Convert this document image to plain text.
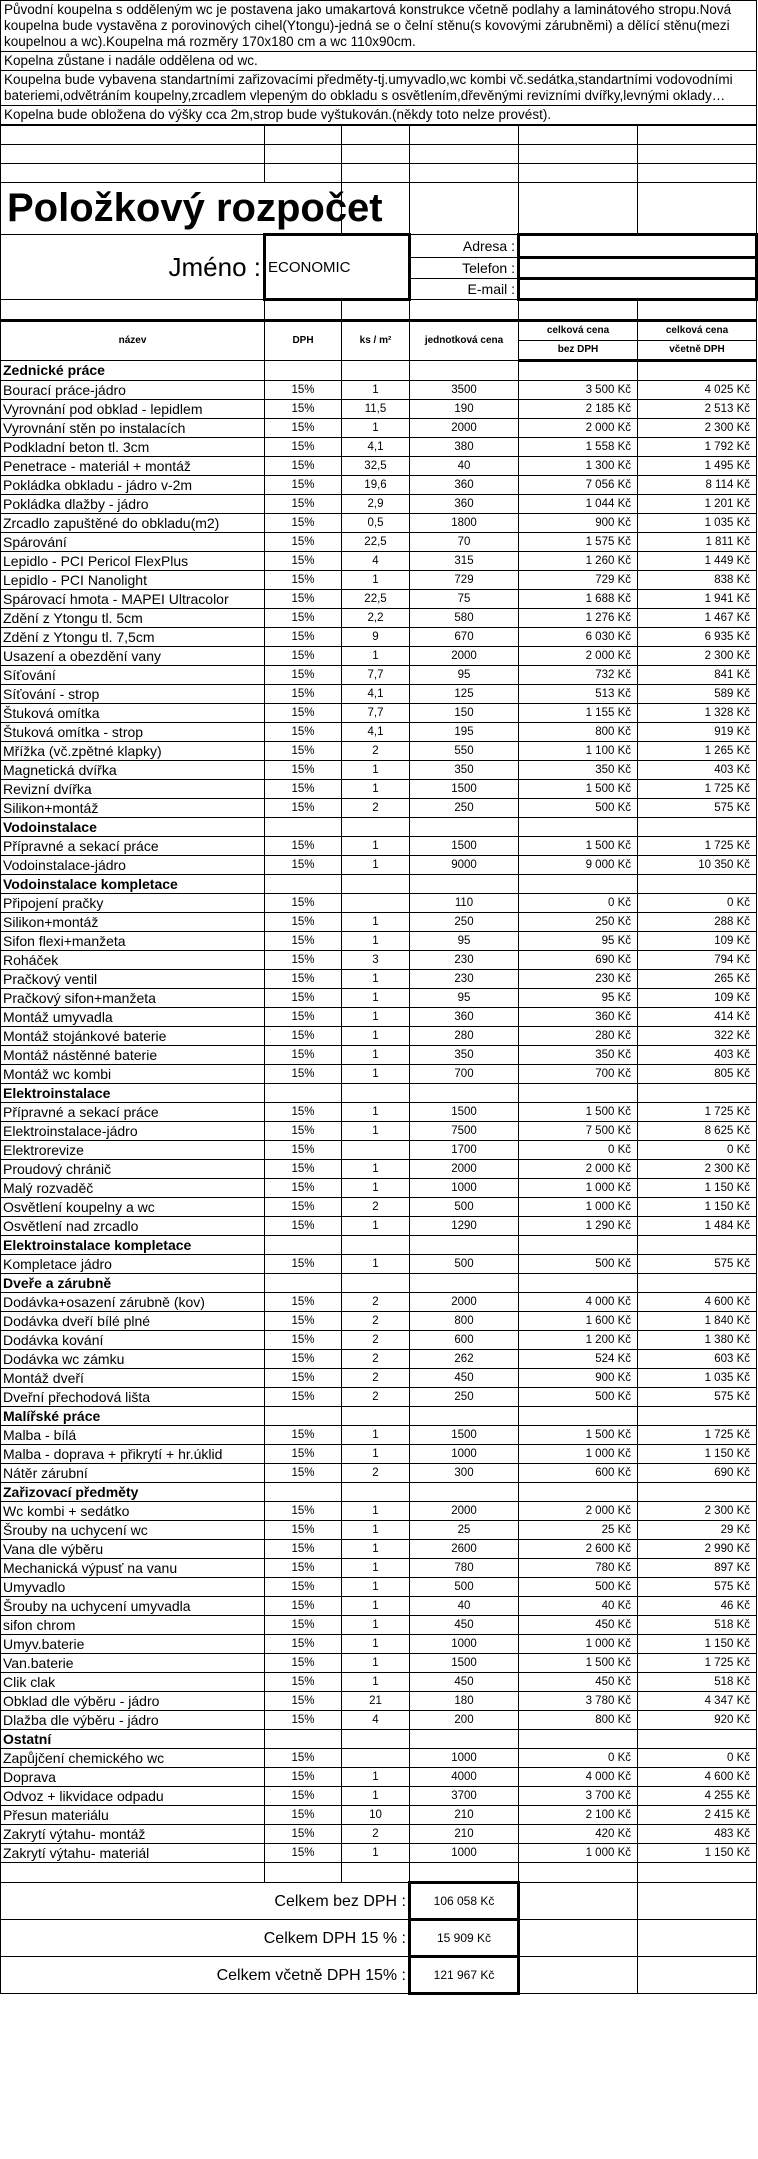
Původní koupelna s odděleným wc je postavena jako umakartová konstrukce včetně podlahy a laminátového stropu.Nová koupelna bude vystavěna z porovinových cihel(Ytongu)-jedná se o čelní stěnu(s kovovými zárubněmi) a dělící stěnu(mezi koupelnou a wc).Koupelna má rozměry 170x180 cm a wc 110x90cm.
Kopelna zůstane i nadále oddělena od wc.
Koupelna bude vybavena standartními zařizovacími předměty-tj.umyvadlo,wc kombi vč.sedátka,standartními vodovodními bateriemi,odvětráním koupelny,zrcadlem vlepeným do obkladu s osvětlením,dřevěnými revizními dvířky,levnými oklady…
Kopelna bude obložena do výšky cca 2m,strop bude vyštukován.(někdy toto nelze provést).

Položkový rozpočet					
Jméno :	ECONOMIC		Adresa :		
			Telefon :		
			E-mail :		

název	DPH	ks / m²	jednotková cena	celková cena	celková cena
				bez DPH	včetně DPH
Zednické práce					
Bourací práce-jádro	15%	1	3500	3 500 Kč	4 025 Kč
Vyrovnání pod obklad - lepidlem	15%	11,5	190	2 185 Kč	2 513 Kč
Vyrovnání stěn po instalacích	15%	1	2000	2 000 Kč	2 300 Kč
Podkladní beton tl. 3cm	15%	4,1	380	1 558 Kč	1 792 Kč
Penetrace - materiál + montáž	15%	32,5	40	1 300 Kč	1 495 Kč
Pokládka obkladu - jádro v-2m	15%	19,6	360	7 056 Kč	8 114 Kč
Pokládka dlažby - jádro	15%	2,9	360	1 044 Kč	1 201 Kč
Zrcadlo zapuštěné do obkladu(m2)	15%	0,5	1800	900 Kč	1 035 Kč
Spárování	15%	22,5	70	1 575 Kč	1 811 Kč
Lepidlo - PCI Pericol FlexPlus	15%	4	315	1 260 Kč	1 449 Kč
Lepidlo - PCI Nanolight	15%	1	729	729 Kč	838 Kč
Spárovací hmota - MAPEI Ultracolor	15%	22,5	75	1 688 Kč	1 941 Kč
Zdění z Ytongu tl. 5cm	15%	2,2	580	1 276 Kč	1 467 Kč
Zdění z Ytongu tl. 7,5cm	15%	9	670	6 030 Kč	6 935 Kč
Usazení a obezdění vany	15%	1	2000	2 000 Kč	2 300 Kč
Síťování	15%	7,7	95	732 Kč	841 Kč
Síťování - strop	15%	4,1	125	513 Kč	589 Kč
Štuková omítka	15%	7,7	150	1 155 Kč	1 328 Kč
Štuková omítka - strop	15%	4,1	195	800 Kč	919 Kč
Mřížka (vč.zpětné klapky)	15%	2	550	1 100 Kč	1 265 Kč
Magnetická dvířka	15%	1	350	350 Kč	403 Kč
Revizní dvířka	15%	1	1500	1 500 Kč	1 725 Kč
Silikon+montáž	15%	2	250	500 Kč	575 Kč
Vodoinstalace					
Přípravné a sekací práce	15%	1	1500	1 500 Kč	1 725 Kč
Vodoinstalace-jádro	15%	1	9000	9 000 Kč	10 350 Kč
Vodoinstalace kompletace					
Připojení pračky	15%		110	0 Kč	0 Kč
Silikon+montáž	15%	1	250	250 Kč	288 Kč
Sifon flexi+manžeta	15%	1	95	95 Kč	109 Kč
Roháček	15%	3	230	690 Kč	794 Kč
Pračkový ventil	15%	1	230	230 Kč	265 Kč
Pračkový sifon+manžeta	15%	1	95	95 Kč	109 Kč
Montáž umyvadla	15%	1	360	360 Kč	414 Kč
Montáž stojánkové baterie	15%	1	280	280 Kč	322 Kč
Montáž nástěnné baterie	15%	1	350	350 Kč	403 Kč
Montáž wc kombi	15%	1	700	700 Kč	805 Kč
Elektroinstalace					
Přípravné a sekací práce	15%	1	1500	1 500 Kč	1 725 Kč
Elektroinstalace-jádro	15%	1	7500	7 500 Kč	8 625 Kč
Elektrorevize	15%		1700	0 Kč	0 Kč
Proudový chránič	15%	1	2000	2 000 Kč	2 300 Kč
Malý rozvaděč	15%	1	1000	1 000 Kč	1 150 Kč
Osvětlení koupelny a wc	15%	2	500	1 000 Kč	1 150 Kč
Osvětlení nad zrcadlo	15%	1	1290	1 290 Kč	1 484 Kč
Elektroinstalace kompletace					
Kompletace jádro	15%	1	500	500 Kč	575 Kč
Dveře a zárubně					
Dodávka+osazení zárubně (kov)	15%	2	2000	4 000 Kč	4 600 Kč
Dodávka dveří bílé plné	15%	2	800	1 600 Kč	1 840 Kč
Dodávka kování	15%	2	600	1 200 Kč	1 380 Kč
Dodávka wc zámku	15%	2	262	524 Kč	603 Kč
Montáž dveří	15%	2	450	900 Kč	1 035 Kč
Dveřní přechodová lišta	15%	2	250	500 Kč	575 Kč
Malířské práce					
Malba - bílá	15%	1	1500	1 500 Kč	1 725 Kč
Malba - doprava + přikrytí + hr.úklid	15%	1	1000	1 000 Kč	1 150 Kč
Nátěr zárubní	15%	2	300	600 Kč	690 Kč
Zařizovací předměty					
Wc kombi + sedátko	15%	1	2000	2 000 Kč	2 300 Kč
Šrouby na uchycení wc	15%	1	25	25 Kč	29 Kč
Vana dle výběru	15%	1	2600	2 600 Kč	2 990 Kč
Mechanická výpusť na vanu	15%	1	780	780 Kč	897 Kč
Umyvadlo	15%	1	500	500 Kč	575 Kč
Šrouby na uchycení umyvadla	15%	1	40	40 Kč	46 Kč
sifon chrom	15%	1	450	450 Kč	518 Kč
Umyv.baterie	15%	1	1000	1 000 Kč	1 150 Kč
Van.baterie	15%	1	1500	1 500 Kč	1 725 Kč
Clik clak	15%	1	450	450 Kč	518 Kč
Obklad dle výběru - jádro	15%	21	180	3 780 Kč	4 347 Kč
Dlažba dle výběru - jádro	15%	4	200	800 Kč	920 Kč
Ostatní					
Zapůjčení chemického wc	15%		1000	0 Kč	0 Kč
Doprava	15%	1	4000	4 000 Kč	4 600 Kč
Odvoz + likvidace odpadu	15%	1	3700	3 700 Kč	4 255 Kč
Přesun materiálu	15%	10	210	2 100 Kč	2 415 Kč
Zakrytí výtahu- montáž	15%	2	210	420 Kč	483 Kč
Zakrytí výtahu- materiál	15%	1	1000	1 000 Kč	1 150 Kč

Celkem bez DPH :			106 058 Kč		
Celkem DPH 15 % :			15 909 Kč		
Celkem včetně DPH 15% :			121 967 Kč		
